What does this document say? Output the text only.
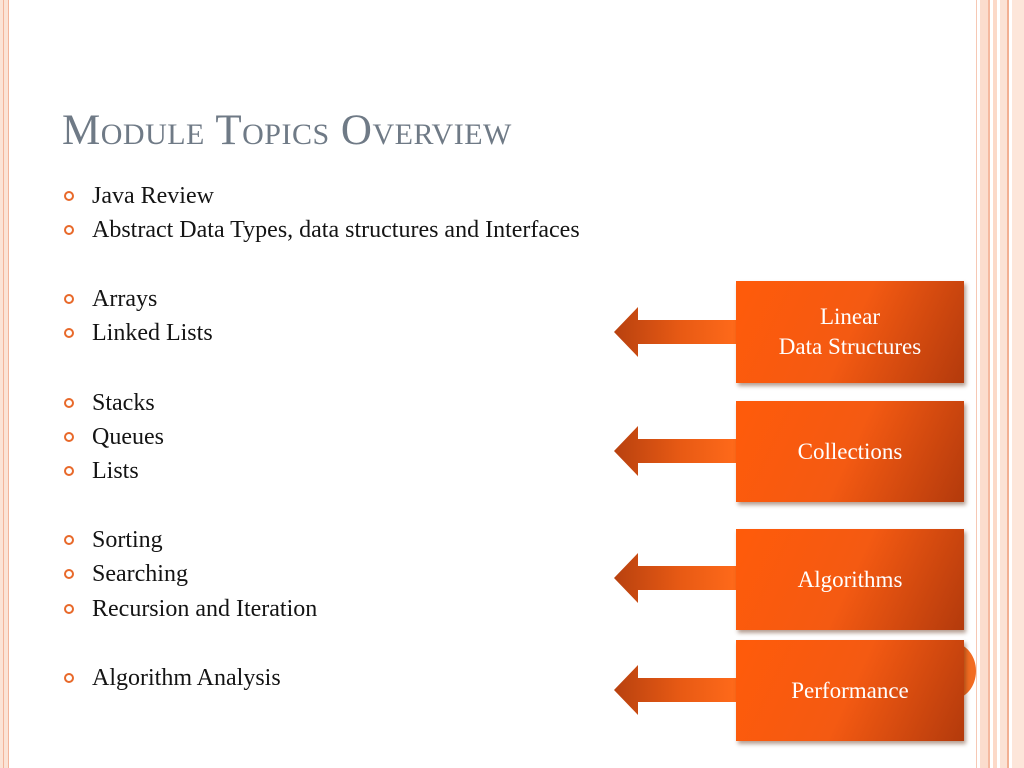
Module Topics Overview
Java Review
Abstract Data Types, data structures and Interfaces
Arrays
Linked Lists
Stacks
Queues
Lists
Sorting
Searching
Recursion and Iteration
Algorithm Analysis
Linear
Data Structures
Collections
Algorithms
Performance
